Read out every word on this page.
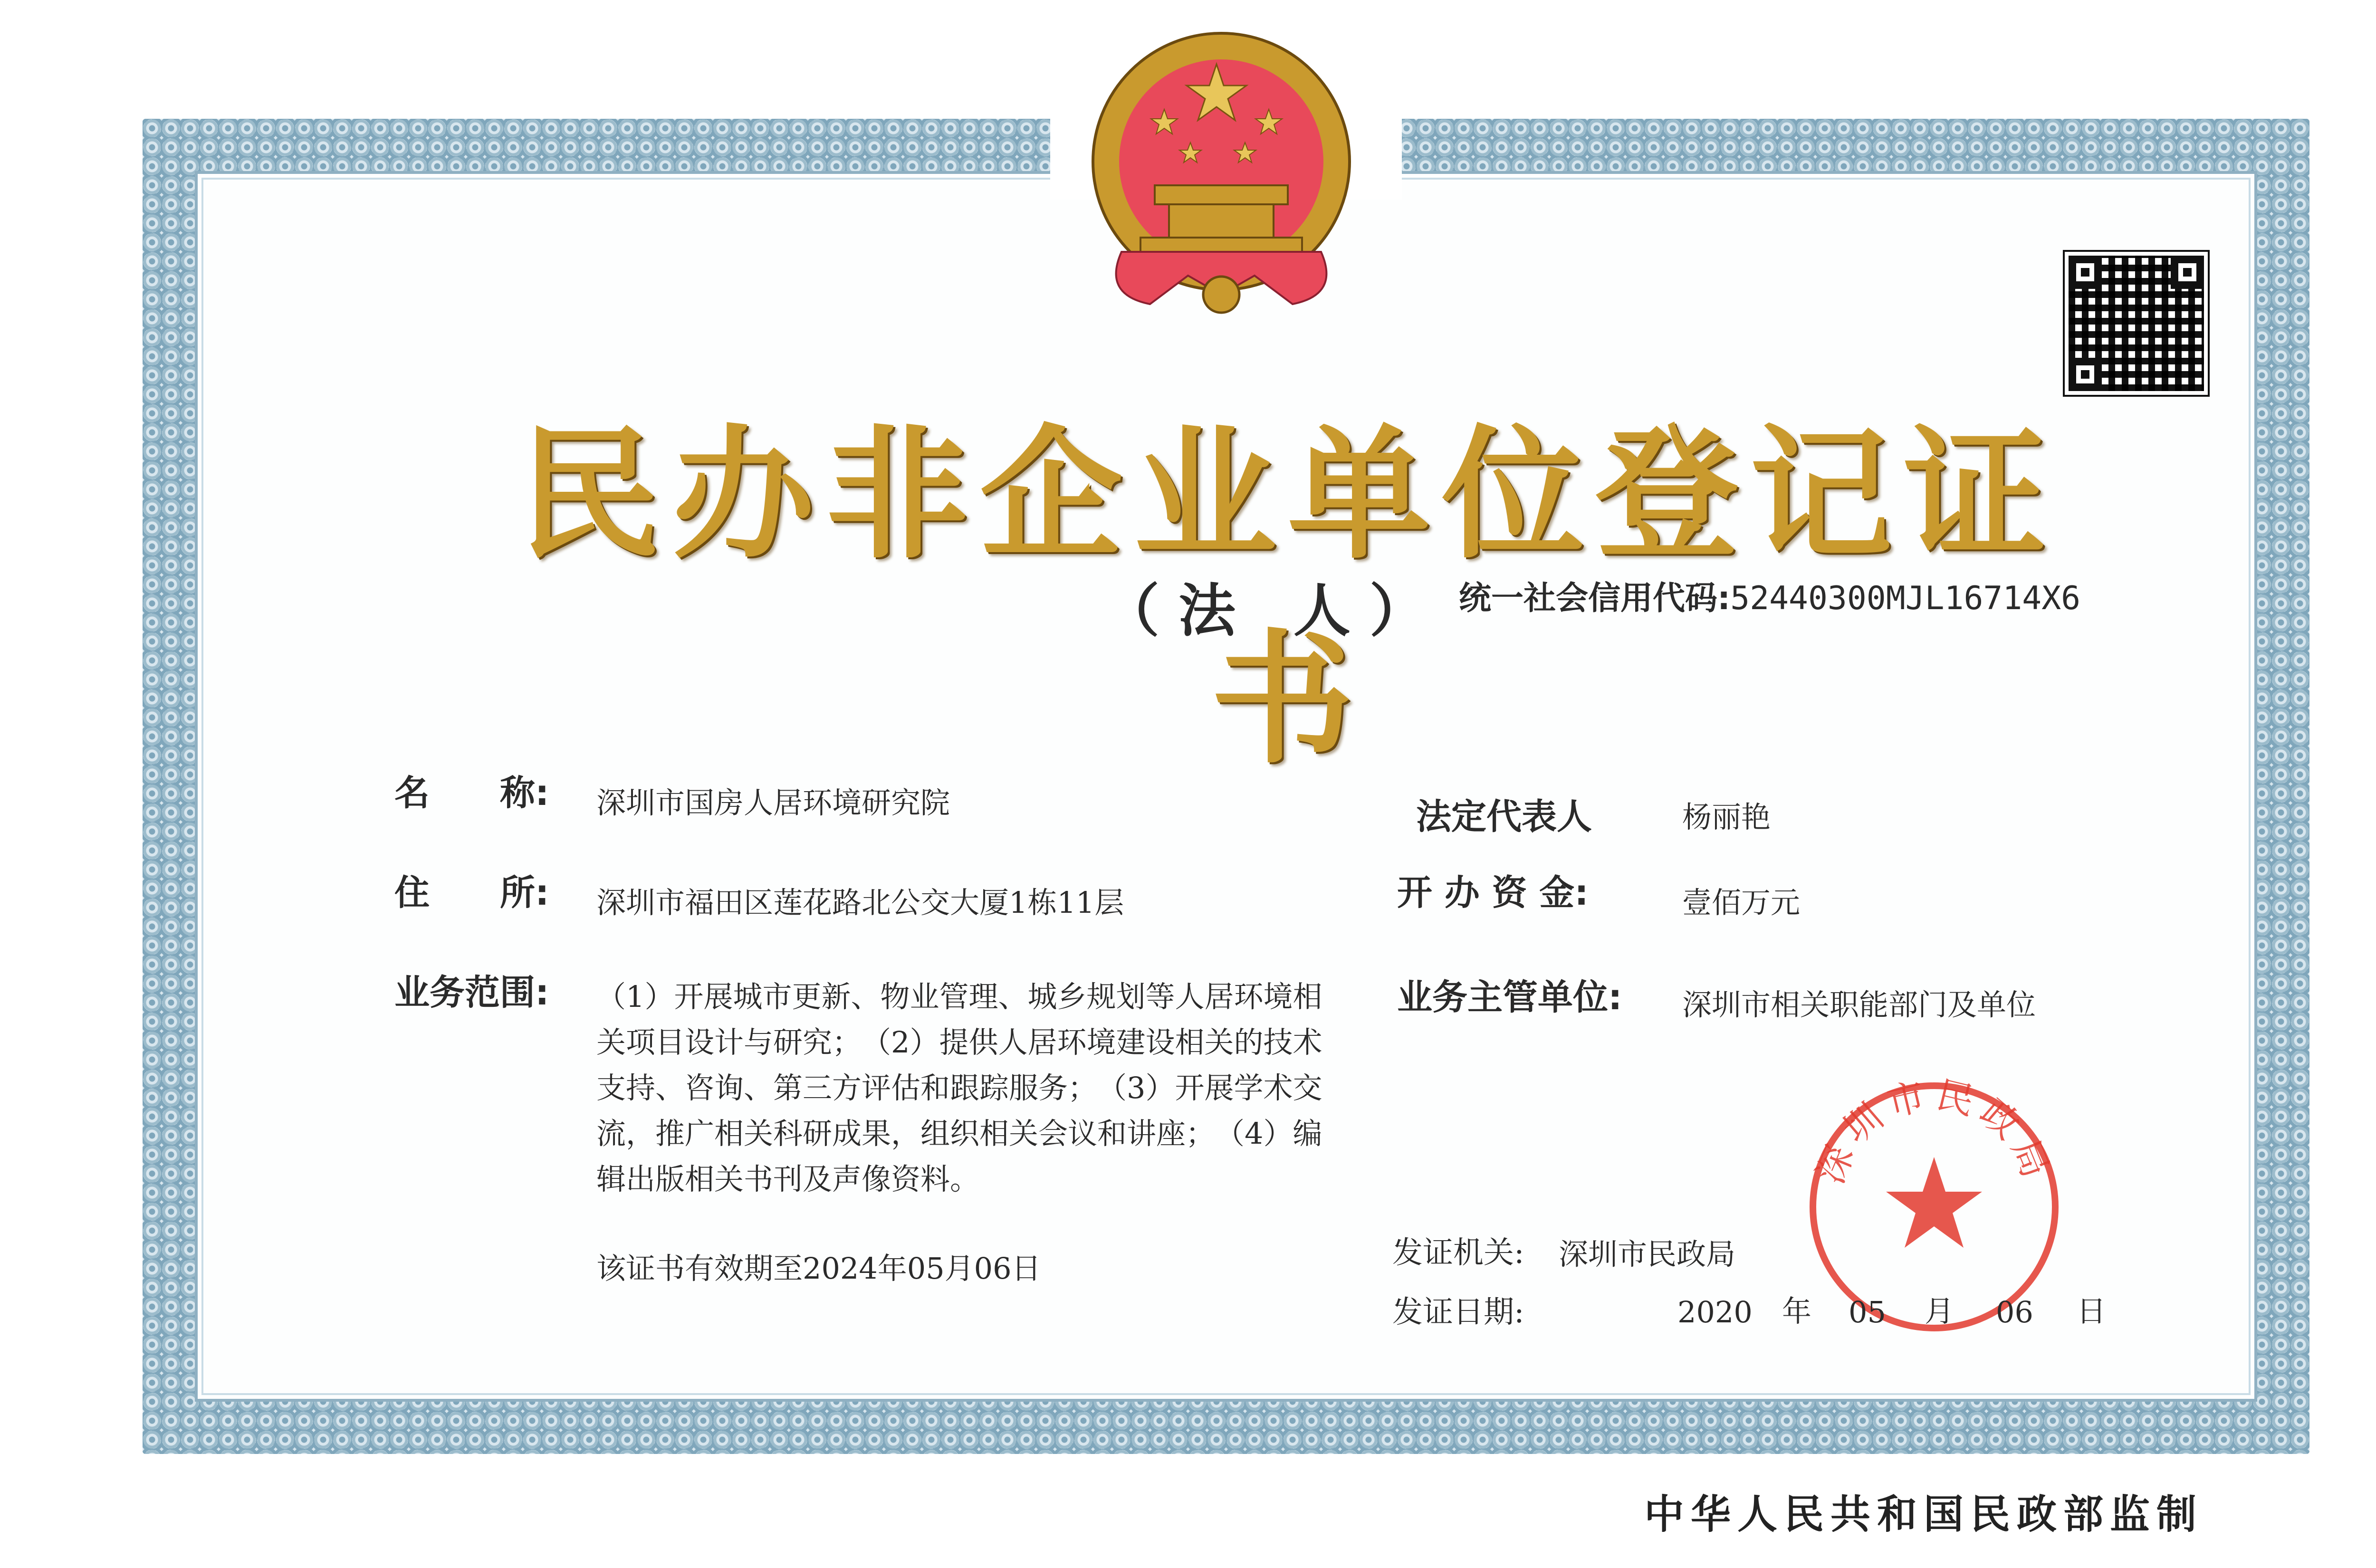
民办非企业单位登记证书
（法 人） 统一社会信用代码:52440300MJL16714X6
名　　称: 深圳市国房人居环境研究院
住　　所: 深圳市福田区莲花路北公交大厦1栋11层
业务范围: （1）开展城市更新、物业管理、城乡规划等人居环境相关项目设计与研究；　（2）提供人居环境建设相关的技术支持、咨询、第三方评估和跟踪服务；　（3）开展学术交流，推广相关科研成果，组织相关会议和讲座；　（4）编辑出版相关书刊及声像资料。
该证书有效期至2024年05月06日
法定代表人	杨丽艳
开 办 资 金:	壹佰万元
业务主管单位: 深圳市相关职能部门及单位
深圳市民政局
发证机关: 深圳市民政局
发证日期:	2020 年 05 月 06 日
中华人民共和国民政部监制
